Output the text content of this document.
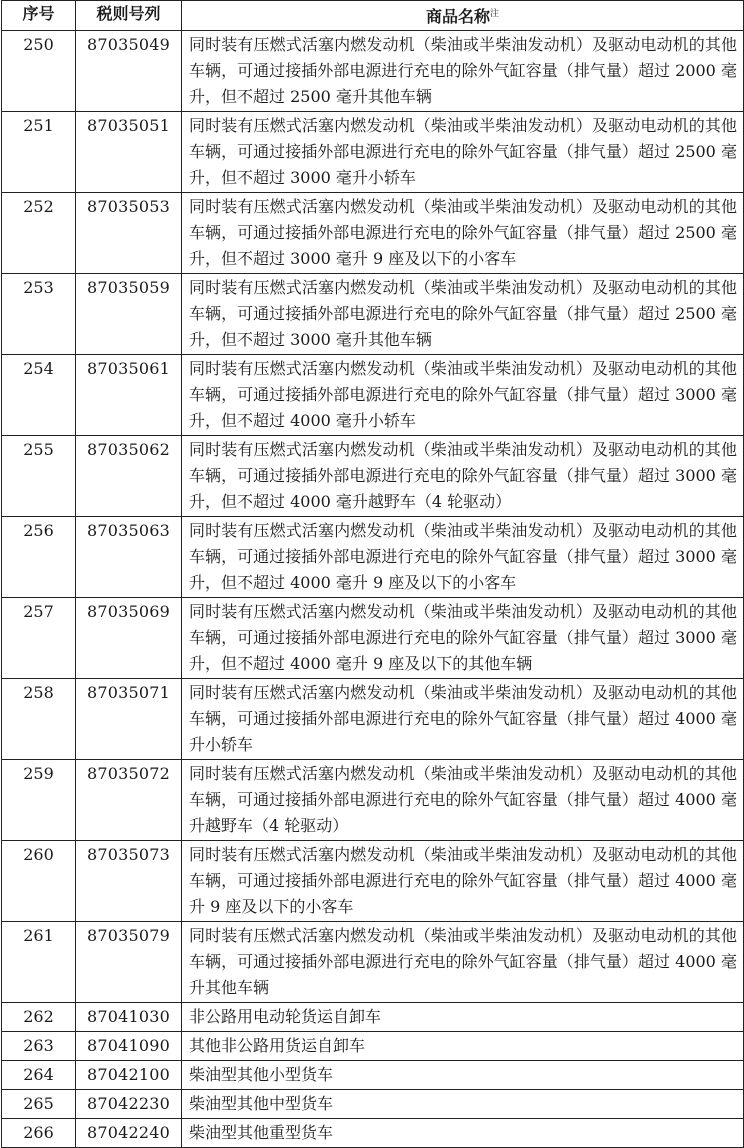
序号	税则号列	商品名称$^注$
250	87035049	同时装有压燃式活塞内燃发动机（柴油或半柴油发动机）及驱动电动机的其他车辆，可通过接插外部电源进行充电的除外气缸容量（排气量）超过 2000 毫升，但不超过 2500 毫升其他车辆
251	87035051	同时装有压燃式活塞内燃发动机（柴油或半柴油发动机）及驱动电动机的其他车辆，可通过接插外部电源进行充电的除外气缸容量（排气量）超过 2500 毫升，但不超过 3000 毫升小轿车
252	87035053	同时装有压燃式活塞内燃发动机（柴油或半柴油发动机）及驱动电动机的其他车辆，可通过接插外部电源进行充电的除外气缸容量（排气量）超过 2500 毫升，但不超过 3000 毫升 9 座及以下的小客车
253	87035059	同时装有压燃式活塞内燃发动机（柴油或半柴油发动机）及驱动电动机的其他车辆，可通过接插外部电源进行充电的除外气缸容量（排气量）超过 2500 毫升，但不超过 3000 毫升其他车辆
254	87035061	同时装有压燃式活塞内燃发动机（柴油或半柴油发动机）及驱动电动机的其他车辆，可通过接插外部电源进行充电的除外气缸容量（排气量）超过 3000 毫升，但不超过 4000 毫升小轿车
255	87035062	同时装有压燃式活塞内燃发动机（柴油或半柴油发动机）及驱动电动机的其他车辆，可通过接插外部电源进行充电的除外气缸容量（排气量）超过 3000 毫升，但不超过 4000 毫升越野车（4 轮驱动）
256	87035063	同时装有压燃式活塞内燃发动机（柴油或半柴油发动机）及驱动电动机的其他车辆，可通过接插外部电源进行充电的除外气缸容量（排气量）超过 3000 毫升，但不超过 4000 毫升 9 座及以下的小客车
257	87035069	同时装有压燃式活塞内燃发动机（柴油或半柴油发动机）及驱动电动机的其他车辆，可通过接插外部电源进行充电的除外气缸容量（排气量）超过 3000 毫升，但不超过 4000 毫升 9 座及以下的其他车辆
258	87035071	同时装有压燃式活塞内燃发动机（柴油或半柴油发动机）及驱动电动机的其他车辆，可通过接插外部电源进行充电的除外气缸容量（排气量）超过 4000 毫升小轿车
259	87035072	同时装有压燃式活塞内燃发动机（柴油或半柴油发动机）及驱动电动机的其他车辆，可通过接插外部电源进行充电的除外气缸容量（排气量）超过 4000 毫升越野车（4 轮驱动）
260	87035073	同时装有压燃式活塞内燃发动机（柴油或半柴油发动机）及驱动电动机的其他车辆，可通过接插外部电源进行充电的除外气缸容量（排气量）超过 4000 毫升 9 座及以下的小客车
261	87035079	同时装有压燃式活塞内燃发动机（柴油或半柴油发动机）及驱动电动机的其他车辆，可通过接插外部电源进行充电的除外气缸容量（排气量）超过 4000 毫升其他车辆
262	87041030	非公路用电动轮货运自卸车
263	87041090	其他非公路用货运自卸车
264	87042100	柴油型其他小型货车
265	87042230	柴油型其他中型货车
266	87042240	柴油型其他重型货车
